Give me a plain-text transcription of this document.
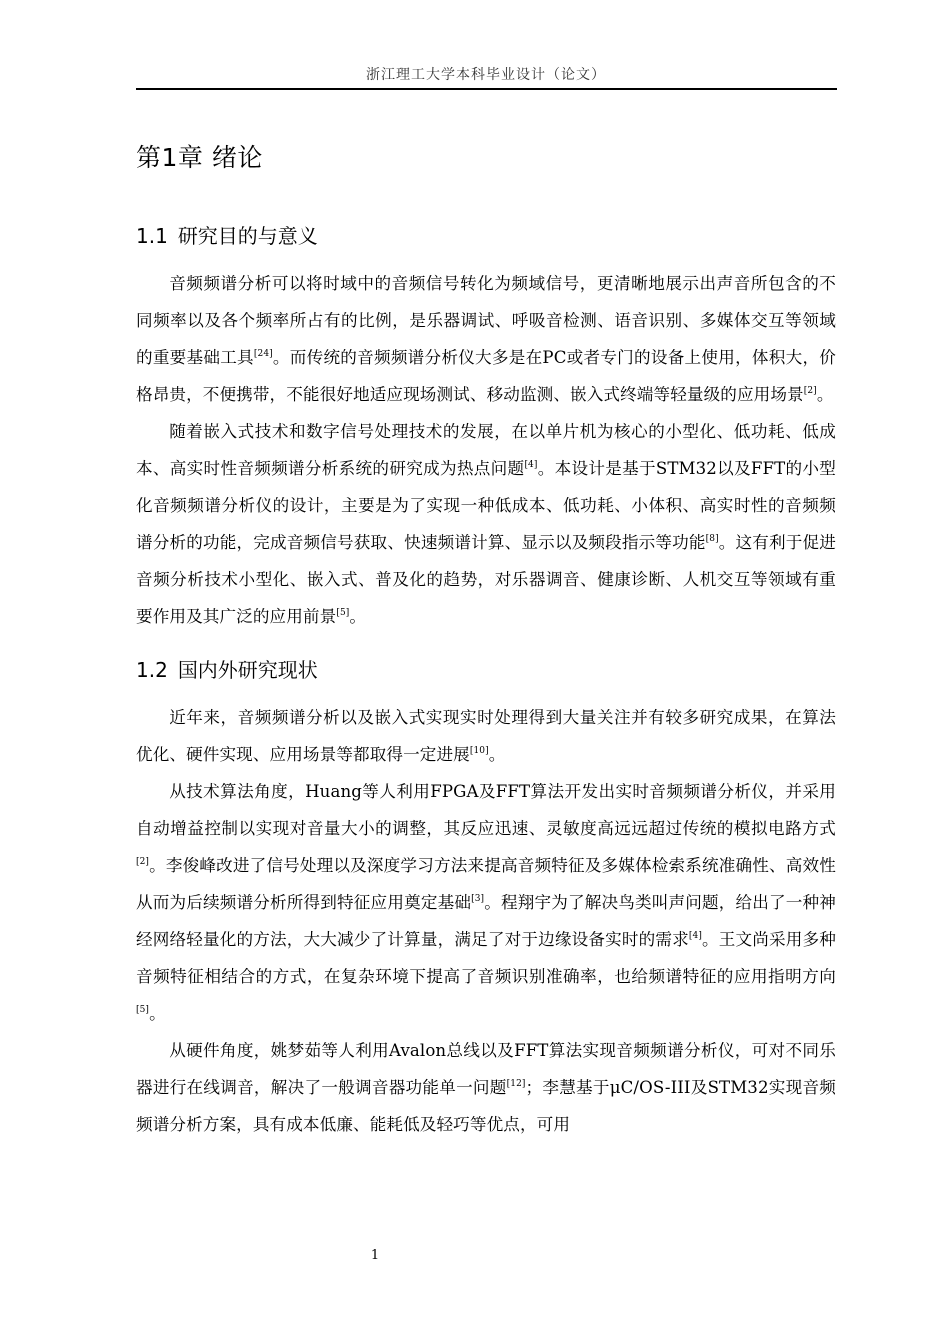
浙江理工大学本科毕业设计（论文）
第1章 绪论
1.1 研究目的与意义

音频频谱分析可以将时域中的音频信号转化为频域信号，更清晰地展示出声音所包含的不同频率以及各个频率所占有的比例，是乐器调试、呼吸音检测、语音识别、多媒体交互等领域的重要基础工具[24]。而传统的音频频谱分析仪大多是在PC或者专门的设备上使用，体积大，价格昂贵，不便携带，不能很好地适应现场测试、移动监测、嵌入式终端等轻量级的应用场景[2]。

随着嵌入式技术和数字信号处理技术的发展，在以单片机为核心的小型化、低功耗、低成本、高实时性音频频谱分析系统的研究成为热点问题[4]。本设计是基于STM32以及FFT的小型化音频频谱分析仪的设计，主要是为了实现一种低成本、低功耗、小体积、高实时性的音频频谱分析的功能，完成音频信号获取、快速频谱计算、显示以及频段指示等功能[8]。这有利于促进音频分析技术小型化、嵌入式、普及化的趋势，对乐器调音、健康诊断、人机交互等领域有重要作用及其广泛的应用前景[5]。

1.2 国内外研究现状

近年来，音频频谱分析以及嵌入式实现实时处理得到大量关注并有较多研究成果，在算法优化、硬件实现、应用场景等都取得一定进展[10]。

从技术算法角度，Huang等人利用FPGA及FFT算法开发出实时音频频谱分析仪，并采用自动增益控制以实现对音量大小的调整，其反应迅速、灵敏度高远远超过传统的模拟电路方式[2]。李俊峰改进了信号处理以及深度学习方法来提高音频特征及多媒体检索系统准确性、高效性从而为后续频谱分析所得到特征应用奠定基础[3]。程翔宇为了解决鸟类叫声问题，给出了一种神经网络轻量化的方法，大大减少了计算量，满足了对于边缘设备实时的需求[4]。王文尚采用多种音频特征相结合的方式，在复杂环境下提高了音频识别准确率，也给频谱特征的应用指明方向[5]。

从硬件角度，姚梦茹等人利用Avalon总线以及FFT算法实现音频频谱分析仪，可对不同乐器进行在线调音，解决了一般调音器功能单一问题[12]；李慧基于μC/OS-III及STM32实现音频频谱分析方案，具有成本低廉、能耗低及轻巧等优点，可用

1
